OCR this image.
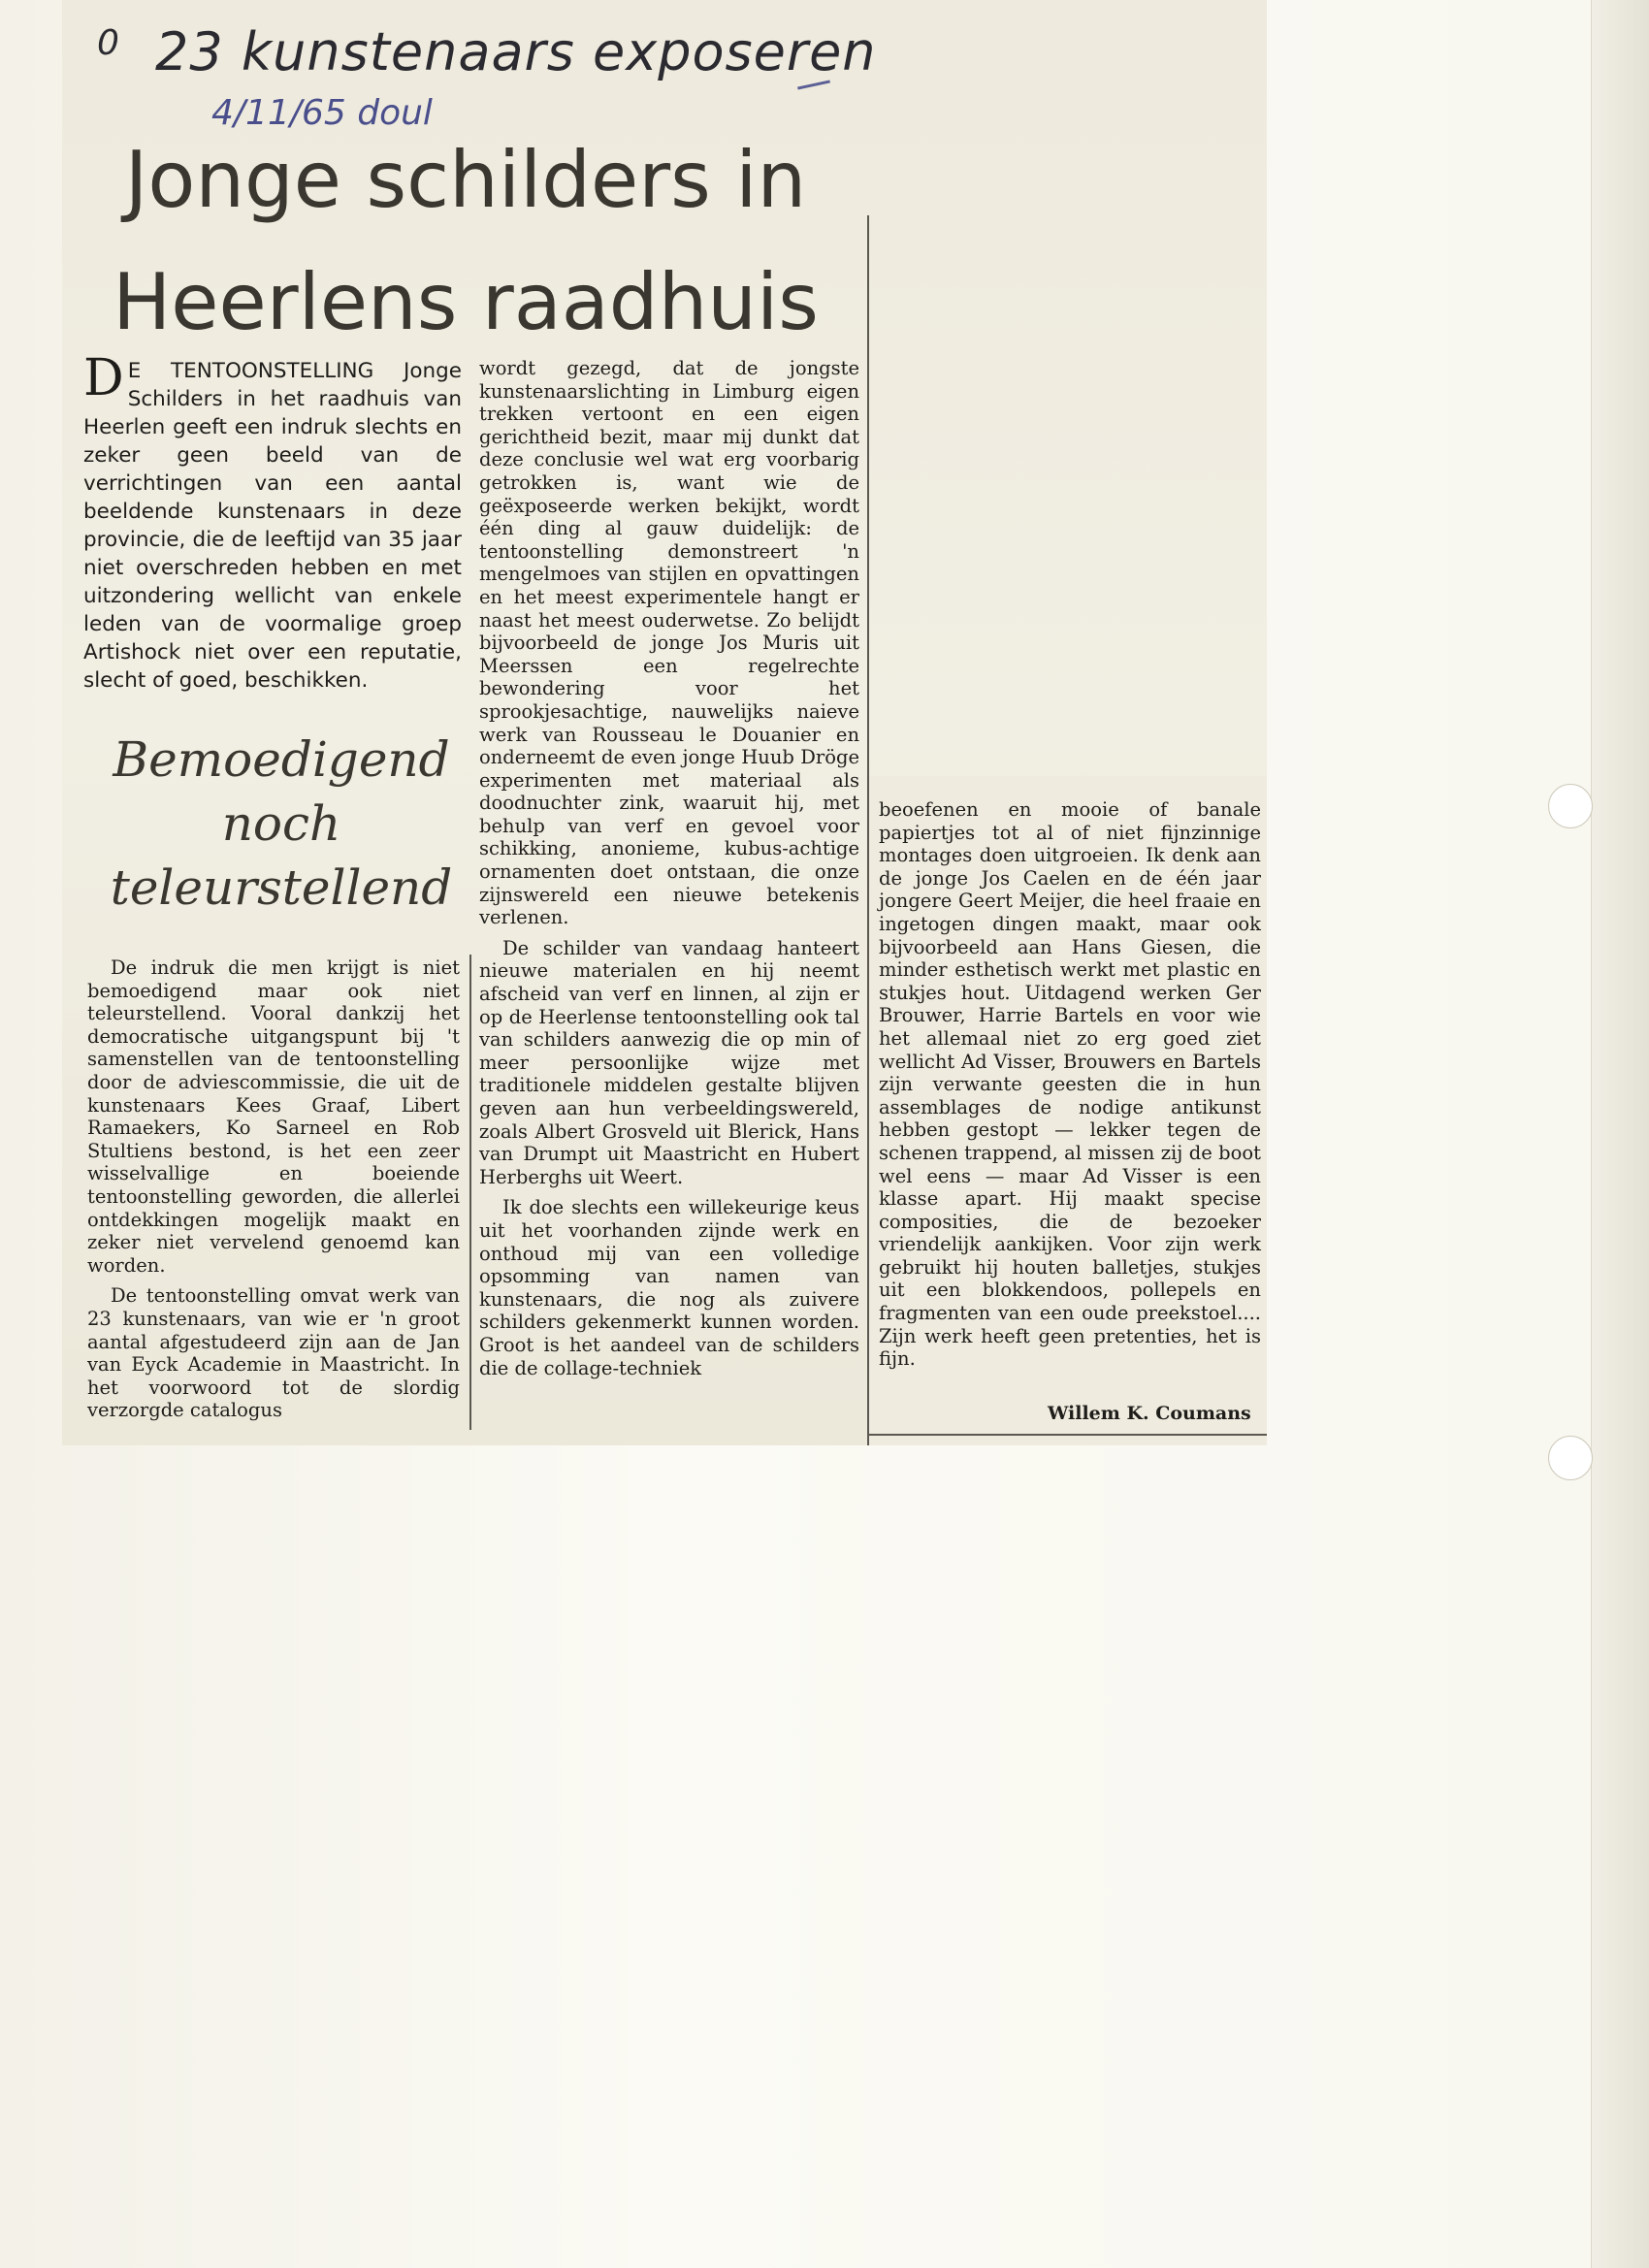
0 23 kunstenaars exposeren
4/11/65 doul
Jonge schilders in
Heerlens raadhuis

D E TENTOONSTELLING Jonge Schilders in het raadhuis van Heerlen geeft een indruk slechts en zeker geen beeld van de verrichtingen van een aantal beeldende kunstenaars in deze provincie, die de leeftijd van 35 jaar niet overschreden hebben en met uitzondering wellicht van enkele leden van de voormalige groep Artishock niet over een reputatie, slecht of goed, beschikken.

Bemoedigend
noch
teleurstellend

De indruk die men krijgt is niet bemoedigend maar ook niet teleurstellend. Vooral dankzij het democratische uitgangspunt bij 't samenstellen van de tentoonstelling door de adviescommissie, die uit de kunstenaars Kees Graaf, Libert Ramaekers, Ko Sarneel en Rob Stultiens bestond, is het een zeer wisselvallige en boeiende tentoonstelling geworden, die allerlei ontdekkingen mogelijk maakt en zeker niet vervelend genoemd kan worden.

De tentoonstelling omvat werk van 23 kunstenaars, van wie er 'n groot aantal afgestudeerd zijn aan de Jan van Eyck Academie in Maastricht. In het voorwoord tot de slordig verzorgde catalogus

wordt gezegd, dat de jongste kunstenaarslichting in Limburg eigen trekken vertoont en een eigen gerichtheid bezit, maar mij dunkt dat deze conclusie wel wat erg voorbarig getrokken is, want wie de geëxposeerde werken bekijkt, wordt één ding al gauw duidelijk: de tentoonstelling demonstreert 'n mengelmoes van stijlen en opvattingen en het meest experimentele hangt er naast het meest ouderwetse. Zo belijdt bijvoorbeeld de jonge Jos Muris uit Meerssen een regelrechte bewondering voor het sprookjesachtige, nauwelijks naieve werk van Rousseau le Douanier en onderneemt de even jonge Huub Dröge experimenten met materiaal als doodnuchter zink, waaruit hij, met behulp van verf en gevoel voor schikking, anonieme, kubus-achtige ornamenten doet ontstaan, die onze zijnswereld een nieuwe betekenis verlenen.

De schilder van vandaag hanteert nieuwe materialen en hij neemt afscheid van verf en linnen, al zijn er op de Heerlense tentoonstelling ook tal van schilders aanwezig die op min of meer persoonlijke wijze met traditionele middelen gestalte blijven geven aan hun verbeeldingswereld, zoals Albert Grosveld uit Blerick, Hans van Drumpt uit Maastricht en Hubert Herberghs uit Weert.

Ik doe slechts een willekeurige keus uit het voorhanden zijnde werk en onthoud mij van een volledige opsomming van namen van kunstenaars, die nog als zuivere schilders gekenmerkt kunnen worden. Groot is het aandeel van de schilders die de collage-techniek

beoefenen en mooie of banale papiertjes tot al of niet fijnzinnige montages doen uitgroeien. Ik denk aan de jonge Jos Caelen en de één jaar jongere Geert Meijer, die heel fraaie en ingetogen dingen maakt, maar ook bijvoorbeeld aan Hans Giesen, die minder esthetisch werkt met plastic en stukjes hout. Uitdagend werken Ger Brouwer, Harrie Bartels en voor wie het allemaal niet zo erg goed ziet wellicht Ad Visser, Brouwers en Bartels zijn verwante geesten die in hun assemblages de nodige antikunst hebben gestopt — lekker tegen de schenen trappend, al missen zij de boot wel eens — maar Ad Visser is een klasse apart. Hij maakt specise composities, die de bezoeker vriendelijk aankijken. Voor zijn werk gebruikt hij houten balletjes, stukjes uit een blokkendoos, pollepels en fragmenten van een oude preekstoel.... Zijn werk heeft geen pretenties, het is fijn.

Willem K. Coumans
